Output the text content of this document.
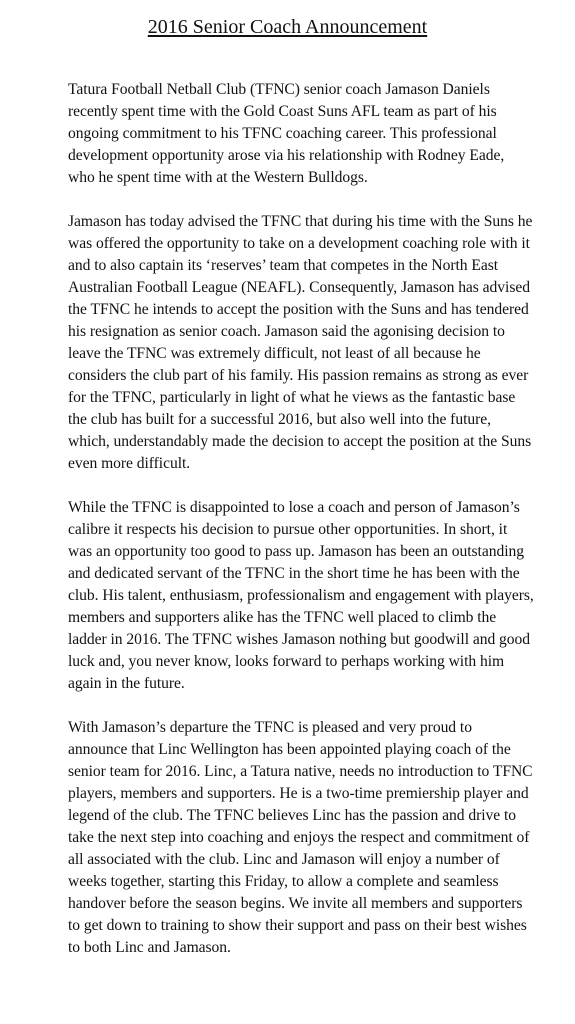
2016 Senior Coach Announcement

Tatura Football Netball Club (TFNC) senior coach Jamason Daniels recently spent time with the Gold Coast Suns AFL team as part of his ongoing commitment to his TFNC coaching career. This professional development opportunity arose via his relationship with Rodney Eade, who he spent time with at the Western Bulldogs.

Jamason has today advised the TFNC that during his time with the Suns he was offered the opportunity to take on a development coaching role with it and to also captain its ‘reserves’ team that competes in the North East Australian Football League (NEAFL). Consequently, Jamason has advised the TFNC he intends to accept the position with the Suns and has tendered his resignation as senior coach. Jamason said the agonising decision to leave the TFNC was extremely difficult, not least of all because he considers the club part of his family. His passion remains as strong as ever for the TFNC, particularly in light of what he views as the fantastic base the club has built for a successful 2016, but also well into the future, which, understandably made the decision to accept the position at the Suns even more difficult.

While the TFNC is disappointed to lose a coach and person of Jamason’s calibre it respects his decision to pursue other opportunities. In short, it was an opportunity too good to pass up. Jamason has been an outstanding and dedicated servant of the TFNC in the short time he has been with the club. His talent, enthusiasm, professionalism and engagement with players, members and supporters alike has the TFNC well placed to climb the ladder in 2016. The TFNC wishes Jamason nothing but goodwill and good luck and, you never know, looks forward to perhaps working with him again in the future.

With Jamason’s departure the TFNC is pleased and very proud to announce that Linc Wellington has been appointed playing coach of the senior team for 2016. Linc, a Tatura native, needs no introduction to TFNC players, members and supporters. He is a two-time premiership player and legend of the club. The TFNC believes Linc has the passion and drive to take the next step into coaching and enjoys the respect and commitment of all associated with the club. Linc and Jamason will enjoy a number of weeks together, starting this Friday, to allow a complete and seamless handover before the season begins. We invite all members and supporters to get down to training to show their support and pass on their best wishes to both Linc and Jamason.
